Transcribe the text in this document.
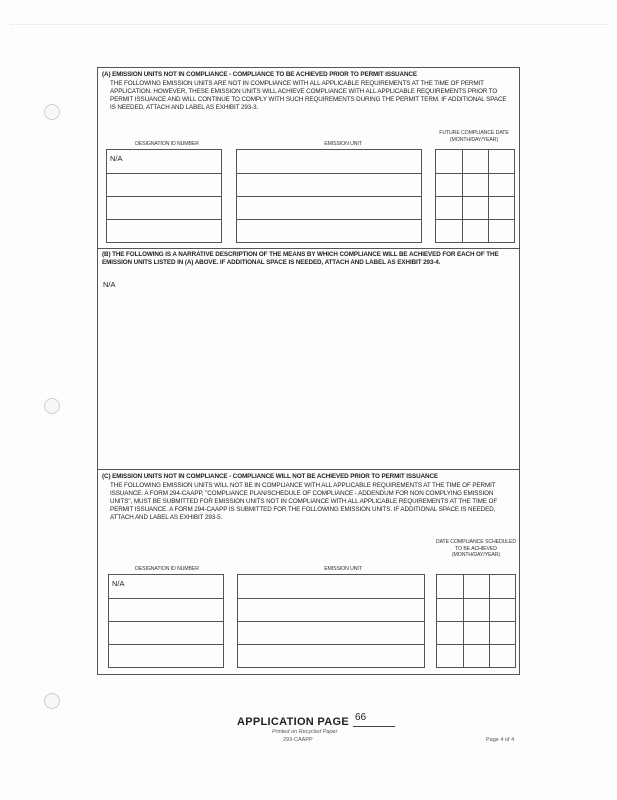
(A) EMISSION UNITS NOT IN COMPLIANCE - COMPLIANCE TO BE ACHIEVED PRIOR TO PERMIT ISSUANCE
THE FOLLOWING EMISSION UNITS ARE NOT IN COMPLIANCE WITH ALL APPLICABLE REQUIREMENTS AT THE TIME OF PERMIT APPLICATION. HOWEVER, THESE EMISSION UNITS WILL ACHIEVE COMPLIANCE WITH ALL APPLICABLE REQUIREMENTS PRIOR TO PERMIT ISSUANCE AND WILL CONTINUE TO COMPLY WITH SUCH REQUIREMENTS DURING THE PERMIT TERM. IF ADDITIONAL SPACE IS NEEDED, ATTACH AND LABEL AS EXHIBIT 293-3.
DESIGNATION ID NUMBER	EMISSION UNIT
FUTURE COMPLIANCE DATE (MONTH/DAY/YEAR)
N/A
(B) THE FOLLOWING IS A NARRATIVE DESCRIPTION OF THE MEANS BY WHICH COMPLIANCE WILL BE ACHIEVED FOR EACH OF THE EMISSION UNITS LISTED IN (A) ABOVE. IF ADDITIONAL SPACE IS NEEDED, ATTACH AND LABEL AS EXHIBIT 293-4.
N/A
(C) EMISSION UNITS NOT IN COMPLIANCE - COMPLIANCE WILL NOT BE ACHIEVED PRIOR TO PERMIT ISSUANCE
THE FOLLOWING EMISSION UNITS WILL NOT BE IN COMPLIANCE WITH ALL APPLICABLE REQUIREMENTS AT THE TIME OF PERMIT ISSUANCE. A FORM 294-CAAPP, "COMPLIANCE PLAN/SCHEDULE OF COMPLIANCE - ADDENDUM FOR NON COMPLYING EMISSION UNITS", MUST BE SUBMITTED FOR EMISSION UNITS NOT IN COMPLIANCE WITH ALL APPLICABLE REQUIREMENTS AT THE TIME OF PERMIT ISSUANCE. A FORM 294-CAAPP IS SUBMITTED FOR THE FOLLOWING EMISSION UNITS. IF ADDITIONAL SPACE IS NEEDED, ATTACH AND LABEL AS EXHIBIT 293-5.
DESIGNATION ID NUMBER	EMISSION UNIT
DATE COMPLIANCE SCHEDULED TO BE ACHIEVED (MONTH/DAY/YEAR)
N/A
APPLICATION PAGE 66
Printed on Recycled Paper
293-CAAPP	Page 4 of 4
